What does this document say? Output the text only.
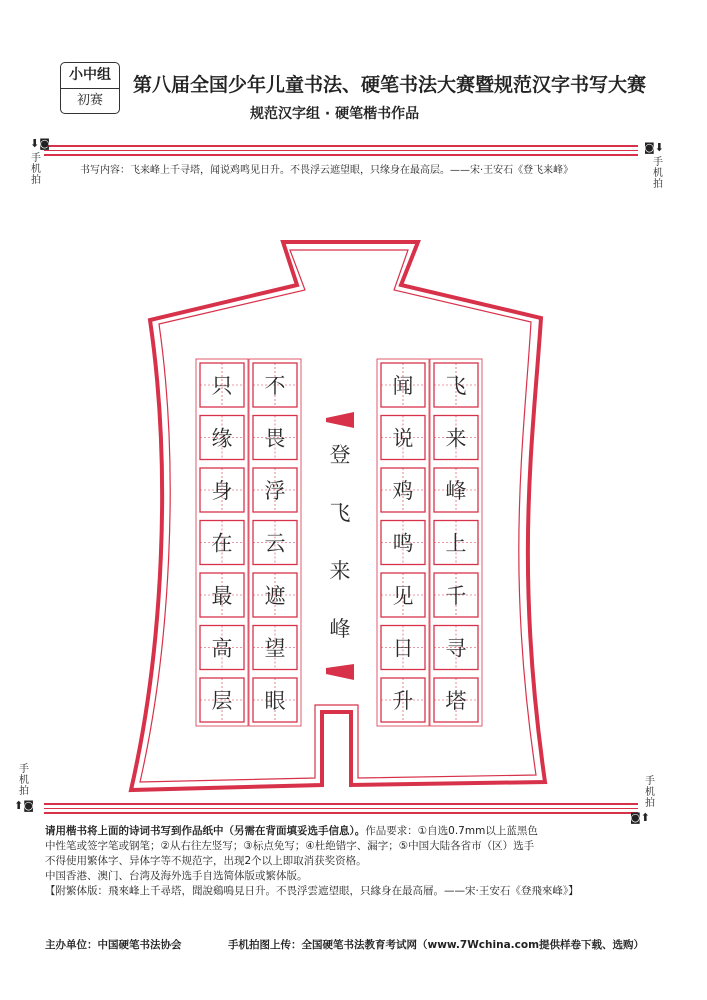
小中组
初赛
第八届全国少年儿童书法、硬笔书法大赛暨规范汉字书写大赛
规范汉字组 · 硬笔楷书作品
⬇◙
手机拍
◙⬇
手机拍
书写内容：飞来峰上千寻塔，闻说鸡鸣见日升。不畏浮云遮望眼，只缘身在最高层。——宋·王安石《登飞来峰》
只
缘
身
在
最
高
层
不
畏
浮
云
遮
望
眼
闻
说
鸡
鸣
见
日
升
飞
来
峰
上
千
寻
塔
登
飞
来
峰
手机拍
⬆◙
手机拍
◙⬆
请用楷书将上面的诗词书写到作品纸中（另需在背面填妥选手信息）。作品要求：①自选0.7mm以上蓝黑色
中性笔或签字笔或钢笔；②从右往左竖写；③标点免写；④杜绝错字、漏字；⑤中国大陆各省市（区）选手
不得使用繁体字、异体字等不规范字，出现2个以上即取消获奖资格。
中国香港、澳门、台湾及海外选手自选简体版或繁体版。
【附繁体版：飛來峰上千尋塔，聞說鷄鳴見日升。不畏浮雲遮望眼，只緣身在最高層。——宋·王安石《登飛來峰》】
主办单位：中国硬笔书法协会	手机拍图上传：全国硬笔书法教育考试网（www.7Wchina.com提供样卷下载、选购）
